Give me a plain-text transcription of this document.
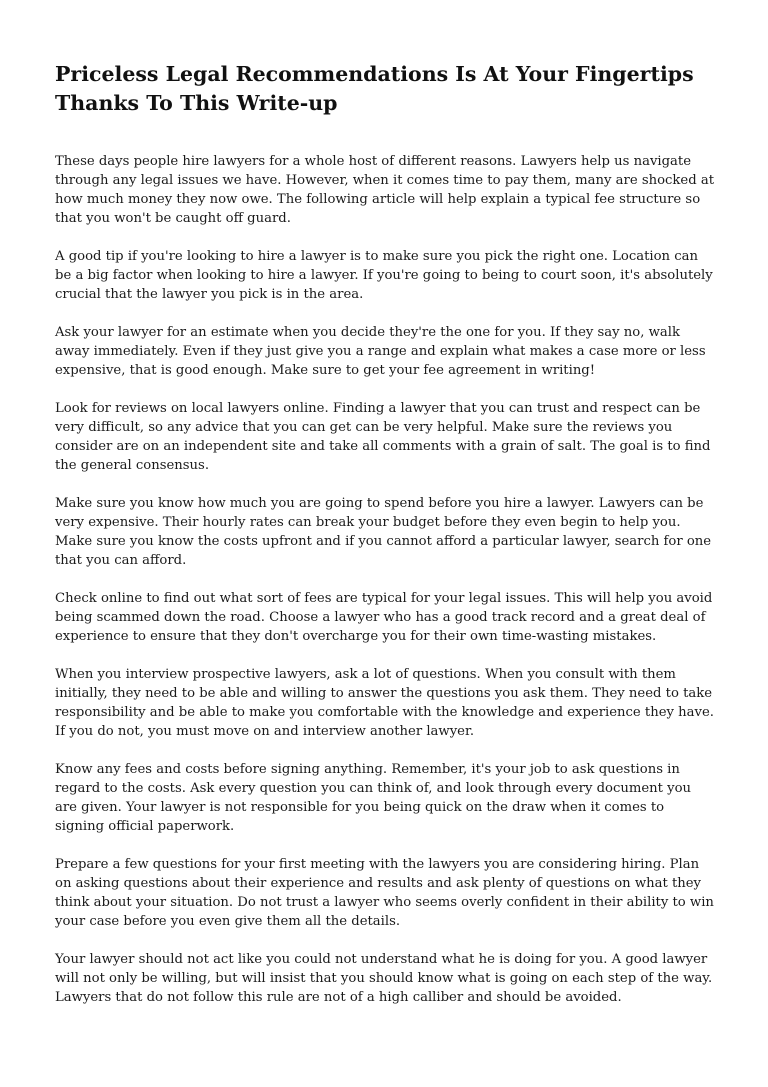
Priceless Legal Recommendations Is At Your Fingertips Thanks To This Write-up

These days people hire lawyers for a whole host of different reasons. Lawyers help us navigate through any legal issues we have. However, when it comes time to pay them, many are shocked at how much money they now owe. The following article will help explain a typical fee structure so that you won't be caught off guard.

A good tip if you're looking to hire a lawyer is to make sure you pick the right one. Location can be a big factor when looking to hire a lawyer. If you're going to being to court soon, it's absolutely crucial that the lawyer you pick is in the area.

Ask your lawyer for an estimate when you decide they're the one for you. If they say no, walk away immediately. Even if they just give you a range and explain what makes a case more or less expensive, that is good enough. Make sure to get your fee agreement in writing!

Look for reviews on local lawyers online. Finding a lawyer that you can trust and respect can be very difficult, so any advice that you can get can be very helpful. Make sure the reviews you consider are on an independent site and take all comments with a grain of salt. The goal is to find the general consensus.

Make sure you know how much you are going to spend before you hire a lawyer. Lawyers can be very expensive. Their hourly rates can break your budget before they even begin to help you. Make sure you know the costs upfront and if you cannot afford a particular lawyer, search for one that you can afford.

Check online to find out what sort of fees are typical for your legal issues. This will help you avoid being scammed down the road. Choose a lawyer who has a good track record and a great deal of experience to ensure that they don't overcharge you for their own time-wasting mistakes.

When you interview prospective lawyers, ask a lot of questions. When you consult with them initially, they need to be able and willing to answer the questions you ask them. They need to take responsibility and be able to make you comfortable with the knowledge and experience they have. If you do not, you must move on and interview another lawyer.

Know any fees and costs before signing anything. Remember, it's your job to ask questions in regard to the costs. Ask every question you can think of, and look through every document you are given. Your lawyer is not responsible for you being quick on the draw when it comes to signing official paperwork.

Prepare a few questions for your first meeting with the lawyers you are considering hiring. Plan on asking questions about their experience and results and ask plenty of questions on what they think about your situation. Do not trust a lawyer who seems overly confident in their ability to win your case before you even give them all the details.

Your lawyer should not act like you could not understand what he is doing for you. A good lawyer will not only be willing, but will insist that you should know what is going on each step of the way. Lawyers that do not follow this rule are not of a high calliber and should be avoided.
